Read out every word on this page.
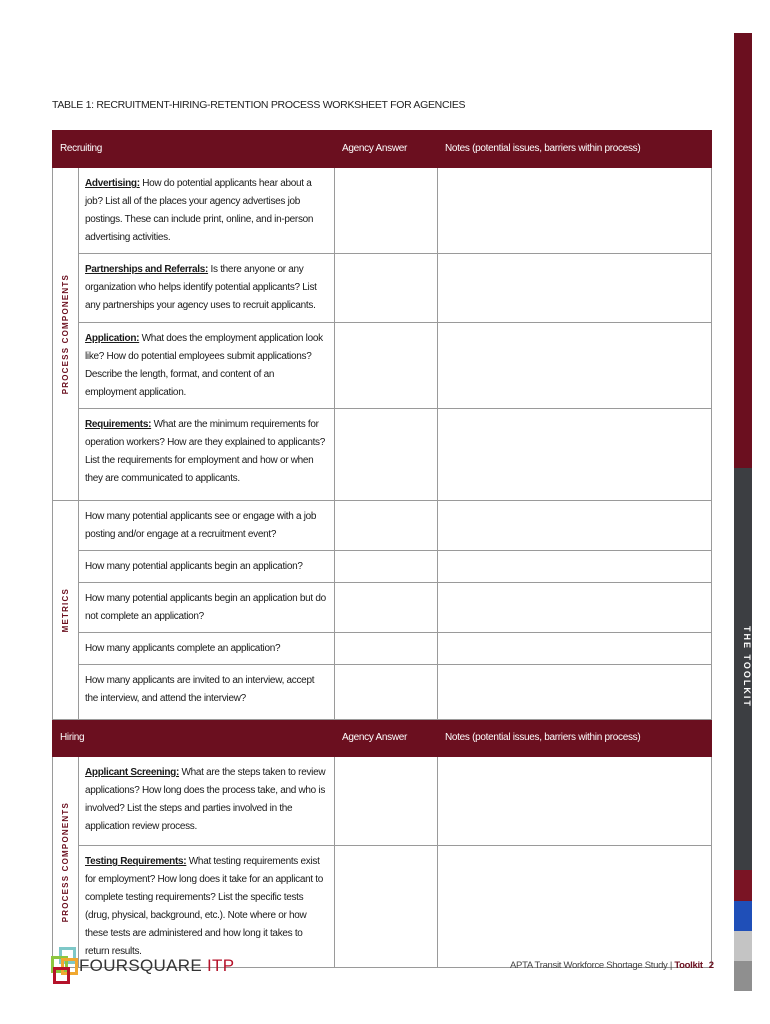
THE TOOLKIT
TABLE 1: RECRUITMENT-HIRING-RETENTION PROCESS WORKSHEET FOR AGENCIES
Recruiting		Agency Answer	Notes (potential issues, barriers within process)

PROCESS COMPONENTS	Advertising: How do potential applicants hear about a job? List all of the places your agency advertises job postings. These can include print, online, and in-person advertising activities.		
	Partnerships and Referrals: Is there anyone or any organization who helps identify potential applicants? List any partnerships your agency uses to recruit applicants.		
	Application: What does the employment application look like? How do potential employees submit applications? Describe the length, format, and content of an employment application.		
	Requirements: What are the minimum requirements for operation workers? How are they explained to applicants? List the requirements for employment and how or when they are communicated to applicants.		

METRICS	How many potential applicants see or engage with a job posting and/or engage at a recruitment event?		
	How many potential applicants begin an application?		
	How many potential applicants begin an application but do not complete an application?		
	How many applicants complete an application?		
	How many applicants are invited to an interview, accept the interview, and attend the interview?		
Hiring		Agency Answer	Notes (potential issues, barriers within process)

PROCESS COMPONENTS	Applicant Screening: What are the steps taken to review applications? How long does the process take, and who is involved? List the steps and parties involved in the application review process.		
	Testing Requirements: What testing requirements exist for employment? How long does it take for an applicant to complete testing requirements? List the specific tests (drug, physical, background, etc.). Note where or how these tests are administered and how long it takes to return results.		
FOURSQUARE ITP	APTA Transit Workforce Shortage Study | Toolkit 2
